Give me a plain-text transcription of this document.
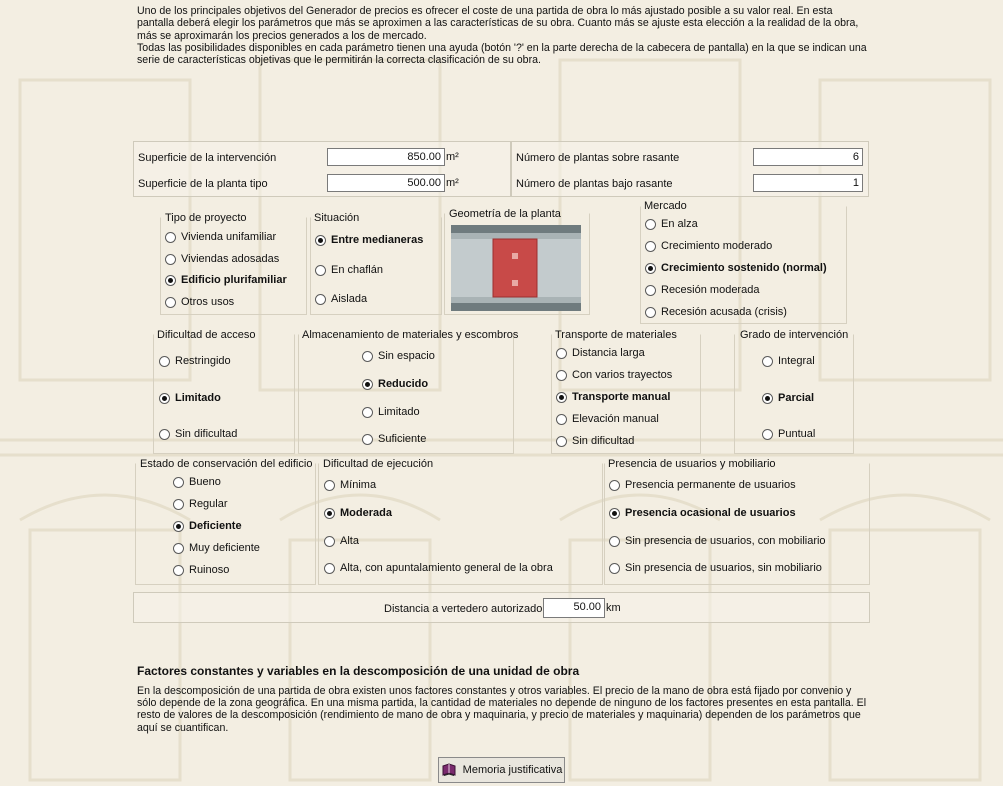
Uno de los principales objetivos del Generador de precios es ofrecer el coste de una partida de obra lo más ajustado posible a su valor real. En esta pantalla deberá elegir los parámetros que más se aproximen a las características de su obra. Cuanto más se ajuste esta elección a la realidad de la obra, más se aproximarán los precios generados a los de mercado.

Todas las posibilidades disponibles en cada parámetro tienen una ayuda (botón '?' en la parte derecha de la cabecera de pantalla) en la que se indican una serie de características objetivas que le permitirán la correcta clasificación de su obra.

Superficie de la intervención	850.00 m²
Superficie de la planta tipo	500.00 m²
Número de plantas sobre rasante	6
Número de plantas bajo rasante	1
Tipo de proyecto
Vivienda unifamiliar
Viviendas adosadas
Edificio plurifamiliar
Otros usos
Situación
Entre medianeras
En chaflán
Aislada
Geometría de la planta
Mercado
En alza
Crecimiento moderado
Crecimiento sostenido (normal)
Recesión moderada
Recesión acusada (crisis)
Dificultad de acceso
Restringido
Limitado
Sin dificultad
Almacenamiento de materiales y escombros
Sin espacio
Reducido
Limitado
Suficiente
Transporte de materiales
Distancia larga
Con varios trayectos
Transporte manual
Elevación manual
Sin dificultad
Grado de intervención
Integral
Parcial
Puntual
Estado de conservación del edificio
Bueno
Regular
Deficiente
Muy deficiente
Ruinoso
Dificultad de ejecución
Mínima
Moderada
Alta
Alta, con apuntalamiento general de la obra
Presencia de usuarios y mobiliario
Presencia permanente de usuarios
Presencia ocasional de usuarios
Sin presencia de usuarios, con mobiliario
Sin presencia de usuarios, sin mobiliario
Distancia a vertedero autorizado	50.00 km
Factores constantes y variables en la descomposición de una unidad de obra
En la descomposición de una partida de obra existen unos factores constantes y otros variables. El precio de la mano de obra está fijado por convenio y sólo depende de la zona geográfica. En una misma partida, la cantidad de materiales no depende de ninguno de los factores presentes en esta pantalla. El resto de valores de la descomposición (rendimiento de mano de obra y maquinaria, y precio de materiales y maquinaria) dependen de los parámetros que aquí se cuantifican.
Memoria justificativa
